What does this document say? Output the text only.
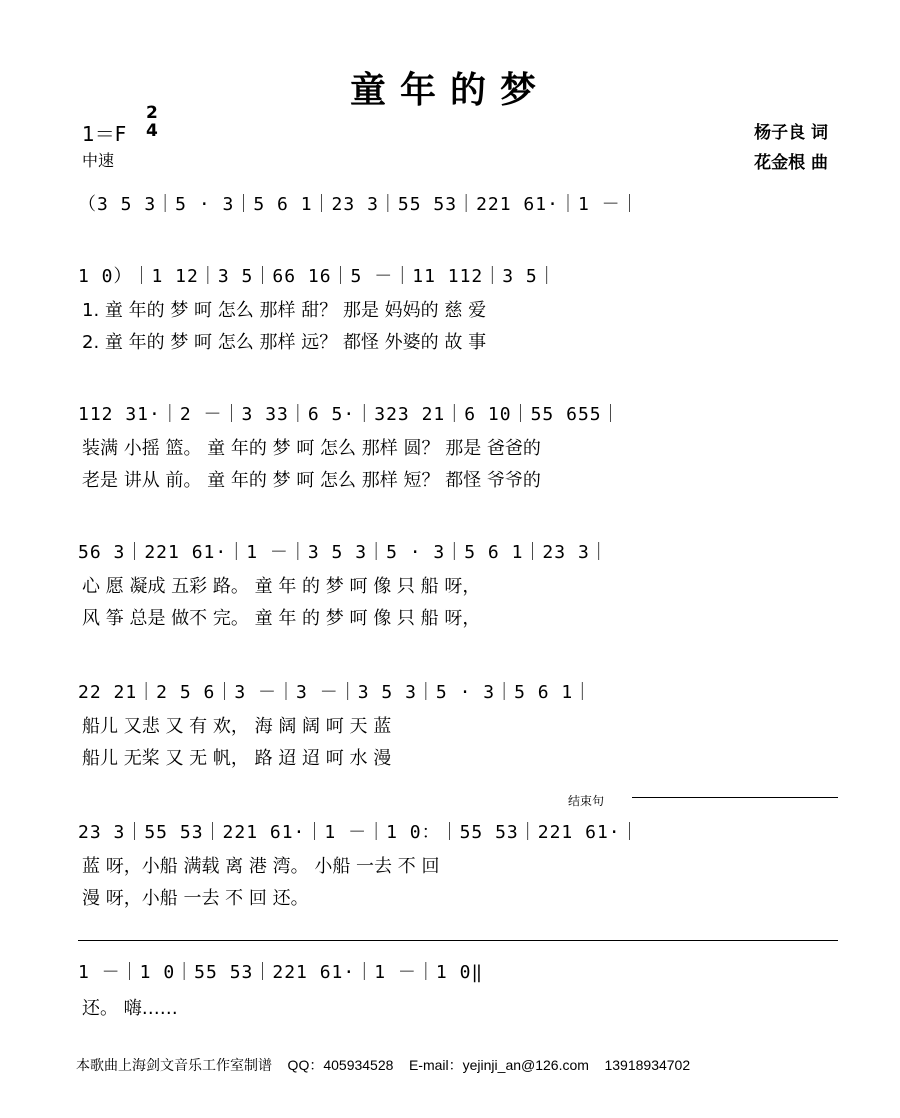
童年的梦
1＝F
2
4
中速
杨子良 词
花金根 曲
（3 5 3｜5 · 3｜5 6 1｜23 3｜55 53｜221 61·｜1 －｜
1 0）｜1 12｜3 5｜66 16｜5 －｜11 112｜3 5｜
1. 童 年的 梦 呵 怎么 那样 甜？ 那是 妈妈的 慈 爱
2. 童 年的 梦 呵 怎么 那样 远？ 都怪 外婆的 故 事
112 31·｜2 －｜3 33｜6 5·｜323 21｜6 10｜55 655｜
装满 小摇 篮。 童 年的 梦 呵 怎么 那样 圆？ 那是 爸爸的
老是 讲从 前。 童 年的 梦 呵 怎么 那样 短？ 都怪 爷爷的
56 3｜221 61·｜1 －｜3 5 3｜5 · 3｜5 6 1｜23 3｜
心 愿 凝成 五彩 路。 童 年 的 梦 呵 像 只 船 呀，
风 筝 总是 做不 完。 童 年 的 梦 呵 像 只 船 呀，
22 21｜2 5 6｜3 －｜3 －｜3 5 3｜5 · 3｜5 6 1｜
船儿 又悲 又 有 欢， 海 阔 阔 呵 天 蓝
船儿 无桨 又 无 帆， 路 迢 迢 呵 水 漫
结束句
23 3｜55 53｜221 61·｜1 －｜1 0：｜55 53｜221 61·｜
蓝 呀，小船 满载 离 港 湾。 小船 一去 不 回
漫 呀，小船 一去 不 回 还。
1 －｜1 0｜55 53｜221 61·｜1 －｜1 0‖
还。 嗨……
本歌曲上海剑文音乐工作室制谱    QQ：405934528    E-mail：yejinji_an@126.com    13918934702
